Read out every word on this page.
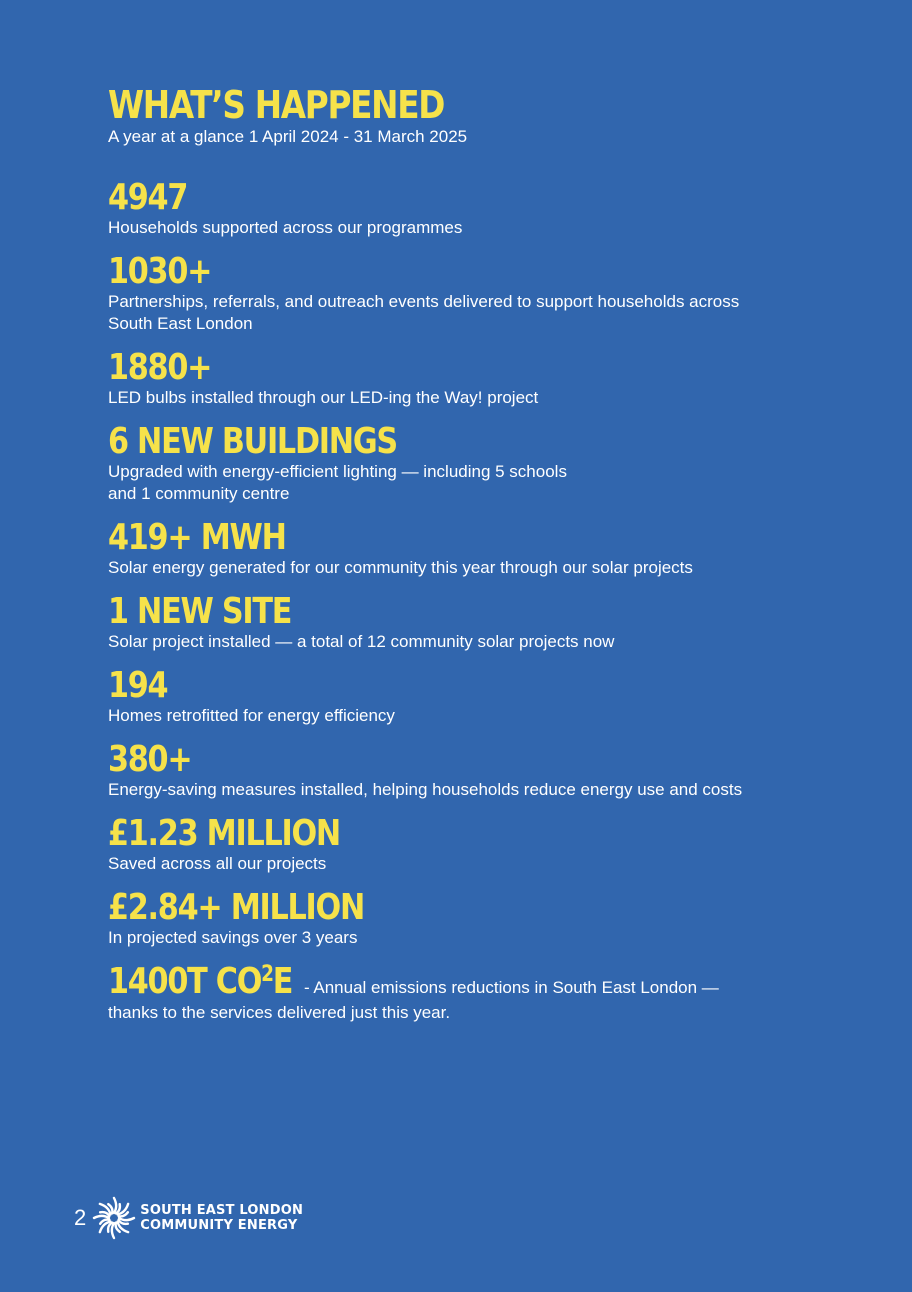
WHAT’S HAPPENED

A year at a glance 1 April 2024 - 31 March 2025

4947
Households supported across our programmes
1030+
Partnerships, referrals, and outreach events delivered to support households across South East London
1880+
LED bulbs installed through our LED-ing the Way! project
6 NEW BUILDINGS
Upgraded with energy-efficient lighting — including 5 schools
and 1 community centre
419+ MWH
Solar energy generated for our community this year through our solar projects
1 NEW SITE
Solar project installed — a total of 12 community solar projects now
194
Homes retrofitted for energy efficiency
380+
Energy-saving measures installed, helping households reduce energy use and costs
£1.23 MILLION
Saved across all our projects
£2.84+ MILLION
In projected savings over 3 years
1400T $CO^2E$ - Annual emissions reductions in South East London — thanks to the services delivered just this year.
2	SOUTH EAST LONDON
COMMUNITY ENERGY
